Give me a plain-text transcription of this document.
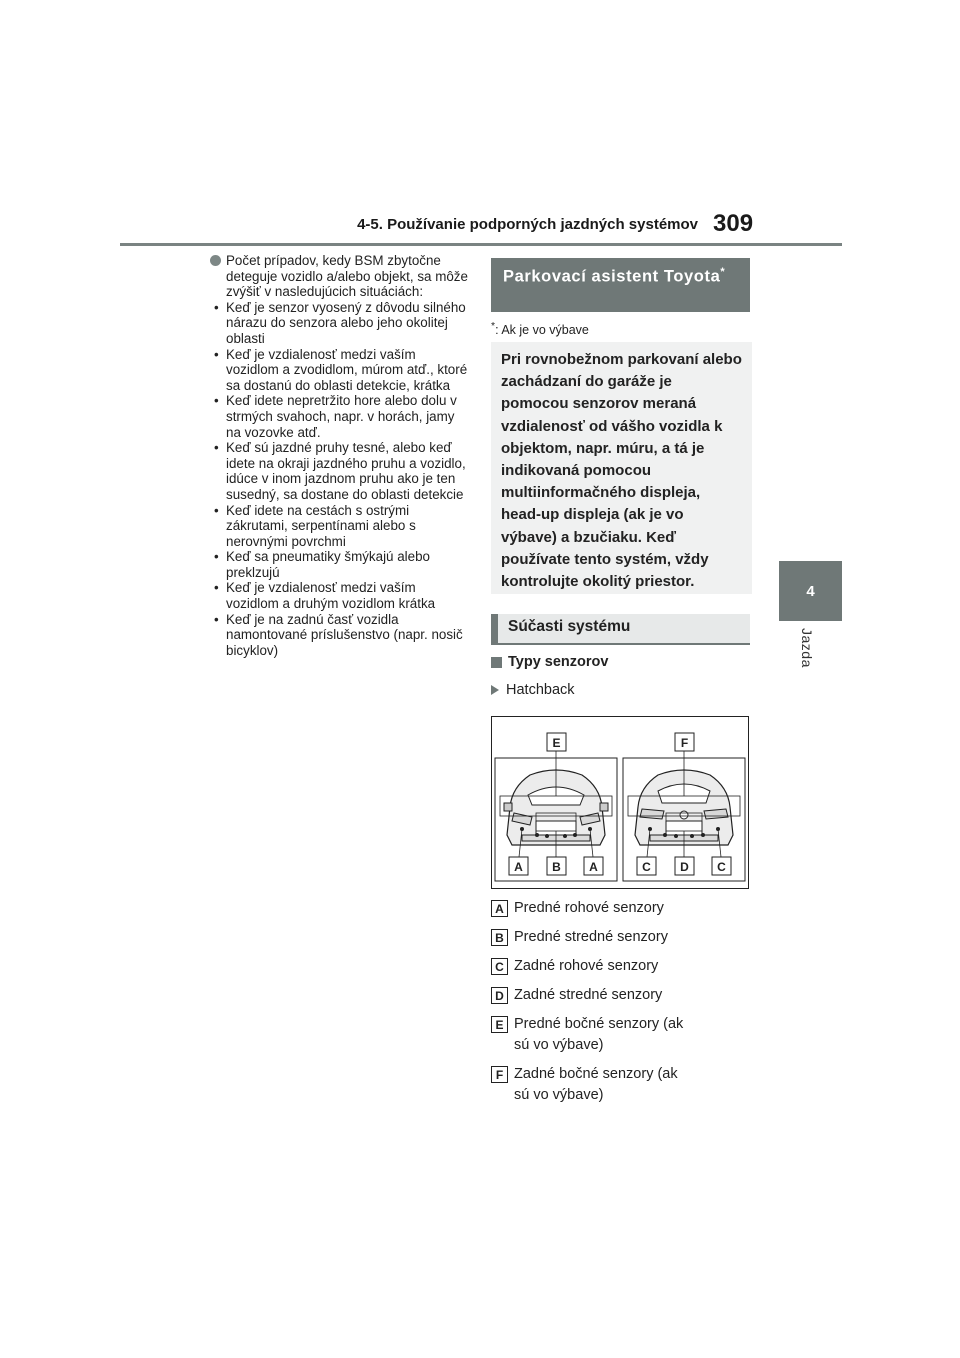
4-5. Používanie podporných jazdných systémov 309
4
Jazda
Počet prípadov, kedy BSM zbytočne deteguje vozidlo a/alebo objekt, sa môže zvýšiť v nasledujúcich situáciách:
• Keď je senzor vyosený z dôvodu silného nárazu do senzora alebo jeho okolitej oblasti
• Keď je vzdialenosť medzi vaším vozidlom a zvodidlom, múrom atď., ktoré sa dostanú do oblasti detekcie, krátka
• Keď idete nepretržito hore alebo dolu v strmých svahoch, napr. v horách, jamy na vozovke atď.
• Keď sú jazdné pruhy tesné, alebo keď idete na okraji jazdného pruhu a vozidlo, idúce v inom jazdnom pruhu ako je ten susedný, sa dostane do oblasti detekcie
• Keď idete na cestách s ostrými zákrutami, serpentínami alebo s nerovnými povrchmi
• Keď sa pneumatiky šmýkajú alebo preklzujú
• Keď je vzdialenosť medzi vaším vozidlom a druhým vozidlom krátka
• Keď je na zadnú časť vozidla namontované príslušenstvo (napr. nosič bicyklov)
Parkovací asistent Toyota*
*: Ak je vo výbave
Pri rovnobežnom parkovaní alebo zachádzaní do garáže je pomocou senzorov meraná vzdialenosť od vášho vozidla k objektom, napr. múru, a tá je indikovaná pomocou multiinformačného displeja, head-up displeja (ak je vo výbave) a bzučiaku. Keď používate tento systém, vždy kontrolujte okolitý priestor.
Súčasti systému
Typy senzorov
Hatchback
E	F
A B A	C D C
A Predné rohové senzory
B Predné stredné senzory
C Zadné rohové senzory
D Zadné stredné senzory
E Predné bočné senzory (ak sú vo výbave)
F Zadné bočné senzory (ak sú vo výbave)
